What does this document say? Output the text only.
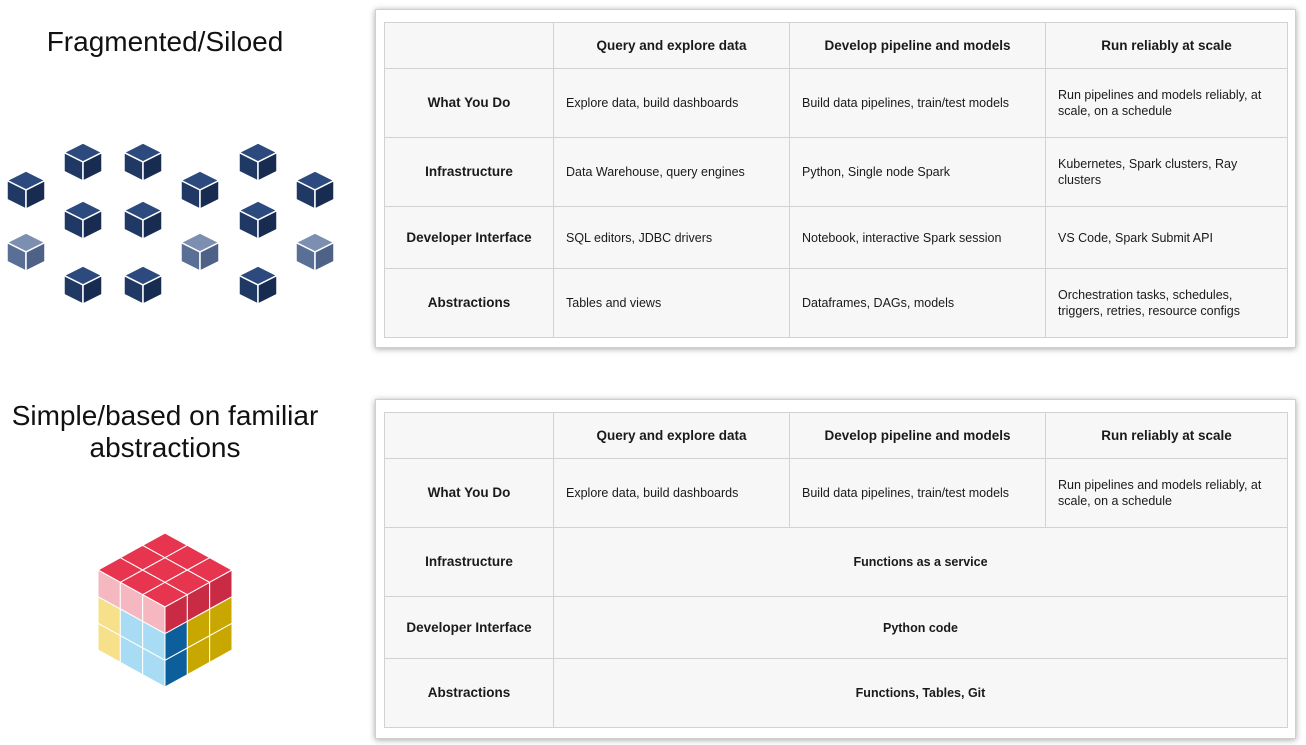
Fragmented/Siloed
		Query and explore data	Develop pipeline and models	Run reliably at scale
What You Do	Explore data, build dashboards	Build data pipelines, train/test models	Run pipelines and models reliably, at scale, on a schedule
Infrastructure	Data Warehouse, query engines	Python, Single node Spark	Kubernetes, Spark clusters, Ray clusters
Developer Interface	SQL editors, JDBC drivers	Notebook, interactive Spark session	VS Code, Spark Submit API
Abstractions	Tables and views	Dataframes, DAGs, models	Orchestration tasks, schedules, triggers, retries, resource configs
Simple/based on familiar abstractions
		Query and explore data	Develop pipeline and models	Run reliably at scale
What You Do	Explore data, build dashboards	Build data pipelines, train/test models	Run pipelines and models reliably, at scale, on a schedule
Infrastructure	Functions as a service		
Developer Interface	Python code		
Abstractions	Functions, Tables, Git		
